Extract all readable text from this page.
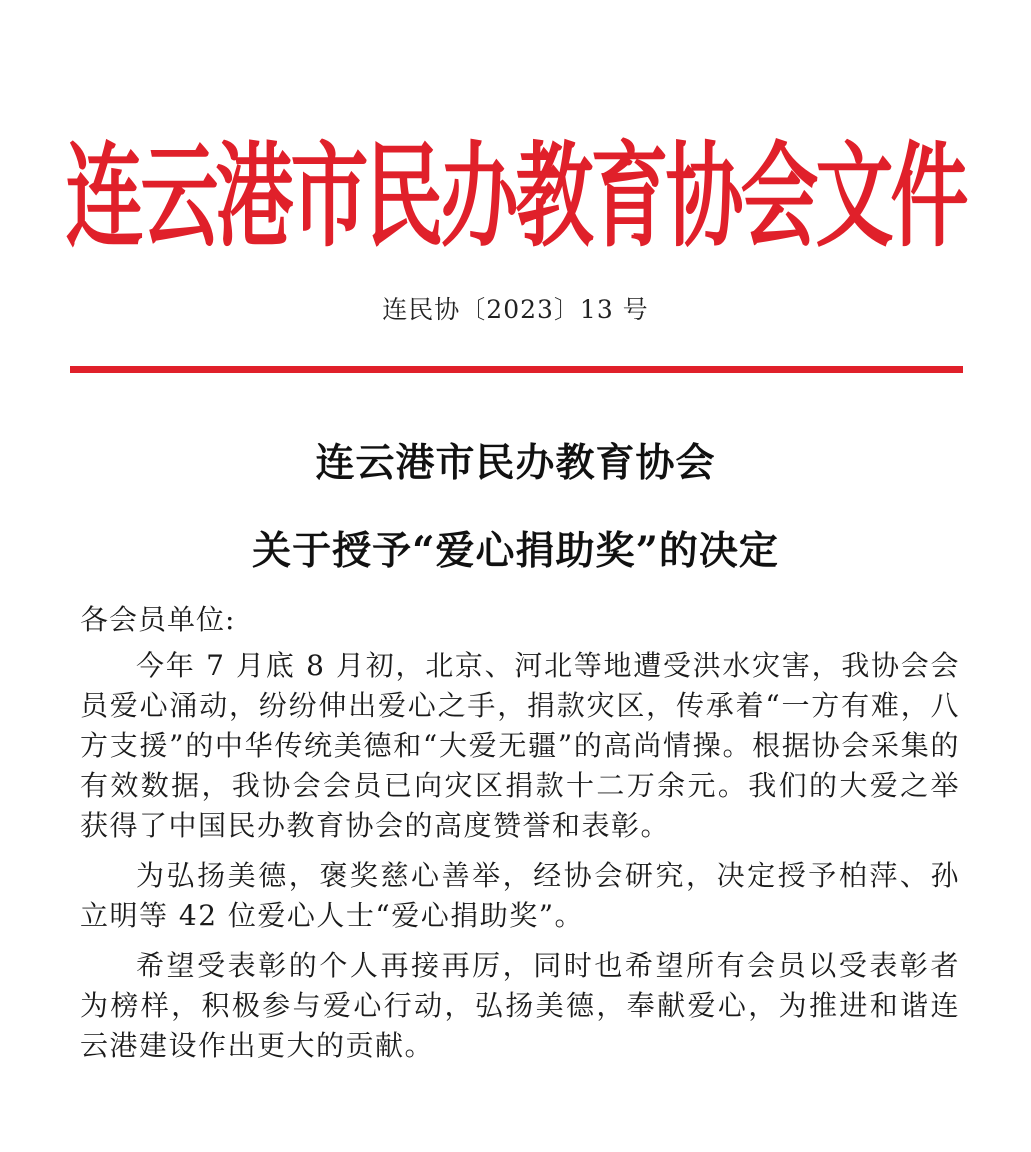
连云港市民办教育协会文件
连民协〔2023〕13 号
连云港市民办教育协会
关于授予“爱心捐助奖”的决定

各会员单位:

今年 7 月底 8 月初，北京、河北等地遭受洪水灾害，我协会会员爱心涌动，纷纷伸出爱心之手，捐款灾区，传承着“一方有难，八方支援”的中华传统美德和“大爱无疆”的高尚情操。根据协会采集的有效数据，我协会会员已向灾区捐款十二万余元。我们的大爱之举获得了中国民办教育协会的高度赞誉和表彰。

为弘扬美德，褒奖慈心善举，经协会研究，决定授予柏萍、孙立明等 42 位爱心人士“爱心捐助奖”。

希望受表彰的个人再接再厉，同时也希望所有会员以受表彰者为榜样，积极参与爱心行动，弘扬美德，奉献爱心，为推进和谐连云港建设作出更大的贡献。
